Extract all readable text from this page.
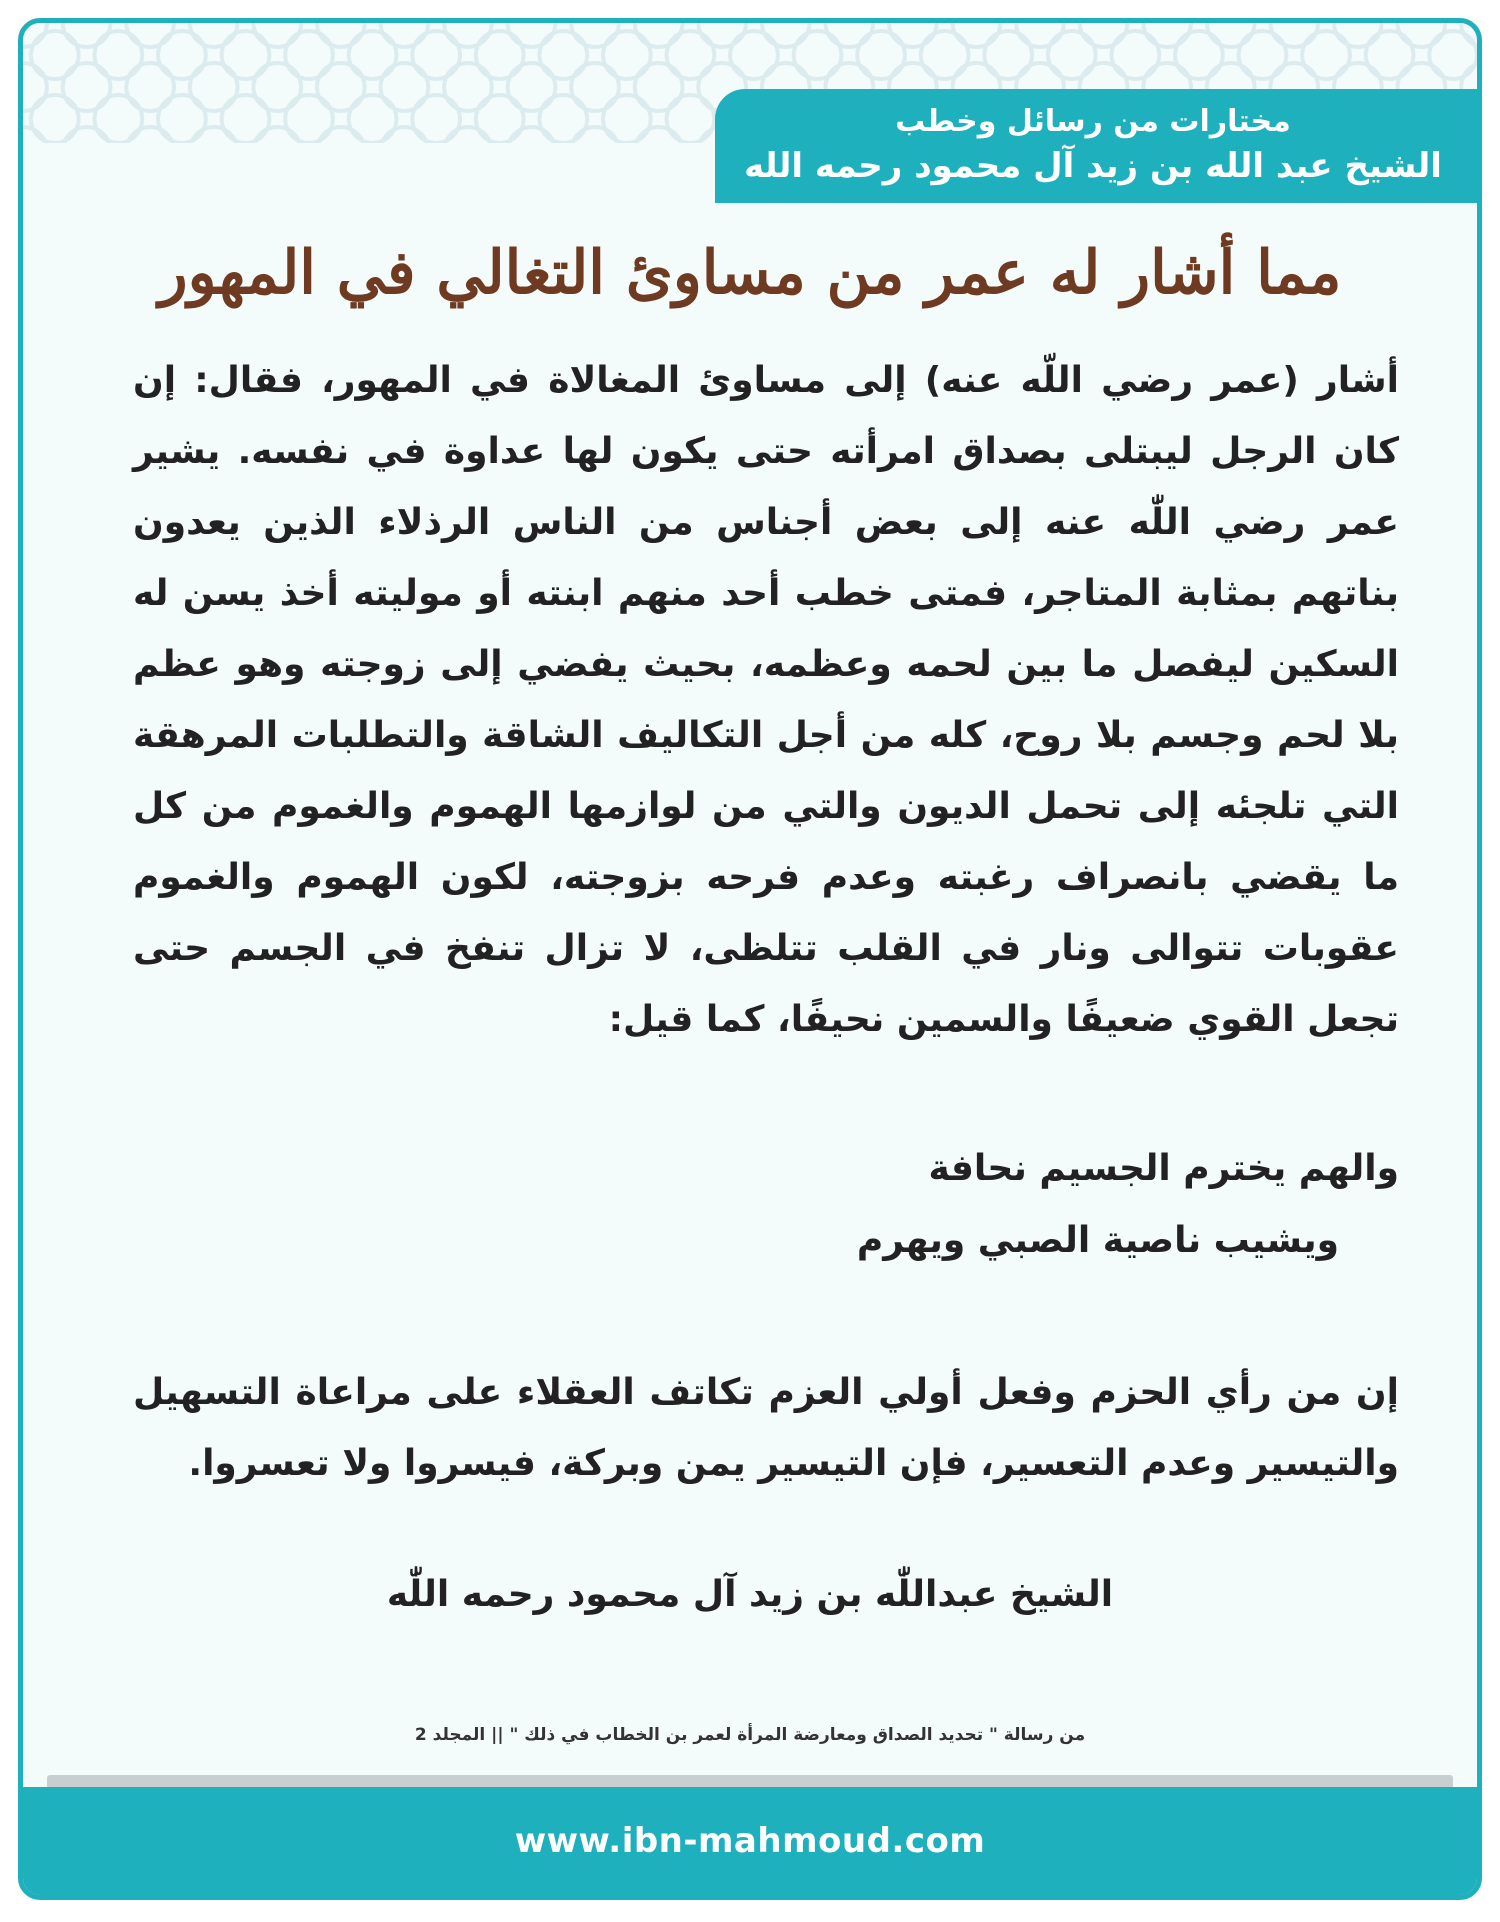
مختارات من رسائل وخطب
الشيخ عبد الله بن زيد آل محمود رحمه الله
مما أشار له عمر من مساوئ التغالي في المهور

أشار (عمر رضي اللّه عنه) إلى مساوئ المغالاة في المهور، فقال: إن كان الرجل ليبتلى بصداق امرأته حتى يكون لها عداوة في نفسه. يشير عمر رضي اللّٰه عنه إلى بعض أجناس من الناس الرذلاء الذين يعدون بناتهم بمثابة المتاجر، فمتى خطب أحد منهم ابنته أو موليته أخذ يسن له السكين ليفصل ما بين لحمه وعظمه، بحيث يفضي إلى زوجته وهو عظم بلا لحم وجسم بلا روح، كله من أجل التكاليف الشاقة والتطلبات المرهقة التي تلجئه إلى تحمل الديون والتي من لوازمها الهموم والغموم من كل ما يقضي بانصراف رغبته وعدم فرحه بزوجته، لكون الهموم والغموم عقوبات تتوالى ونار في القلب تتلظى، لا تزال تنفخ في الجسم حتى تجعل القوي ضعيفًا والسمين نحيفًا، كما قيل:

والهم يخترم الجسيم نحافة
ويشيب ناصية الصبي ويهرم
إن من رأي الحزم وفعل أولي العزم تكاتف العقلاء على مراعاة التسهيل والتيسير وعدم التعسير، فإن التيسير يمن وبركة، فيسروا ولا تعسروا.
الشيخ عبداللّٰه بن زيد آل محمود رحمه اللّٰه
من رسالة " تحديد الصداق ومعارضة المرأة لعمر بن الخطاب في ذلك " || المجلد 2
www.ibn-mahmoud.com
